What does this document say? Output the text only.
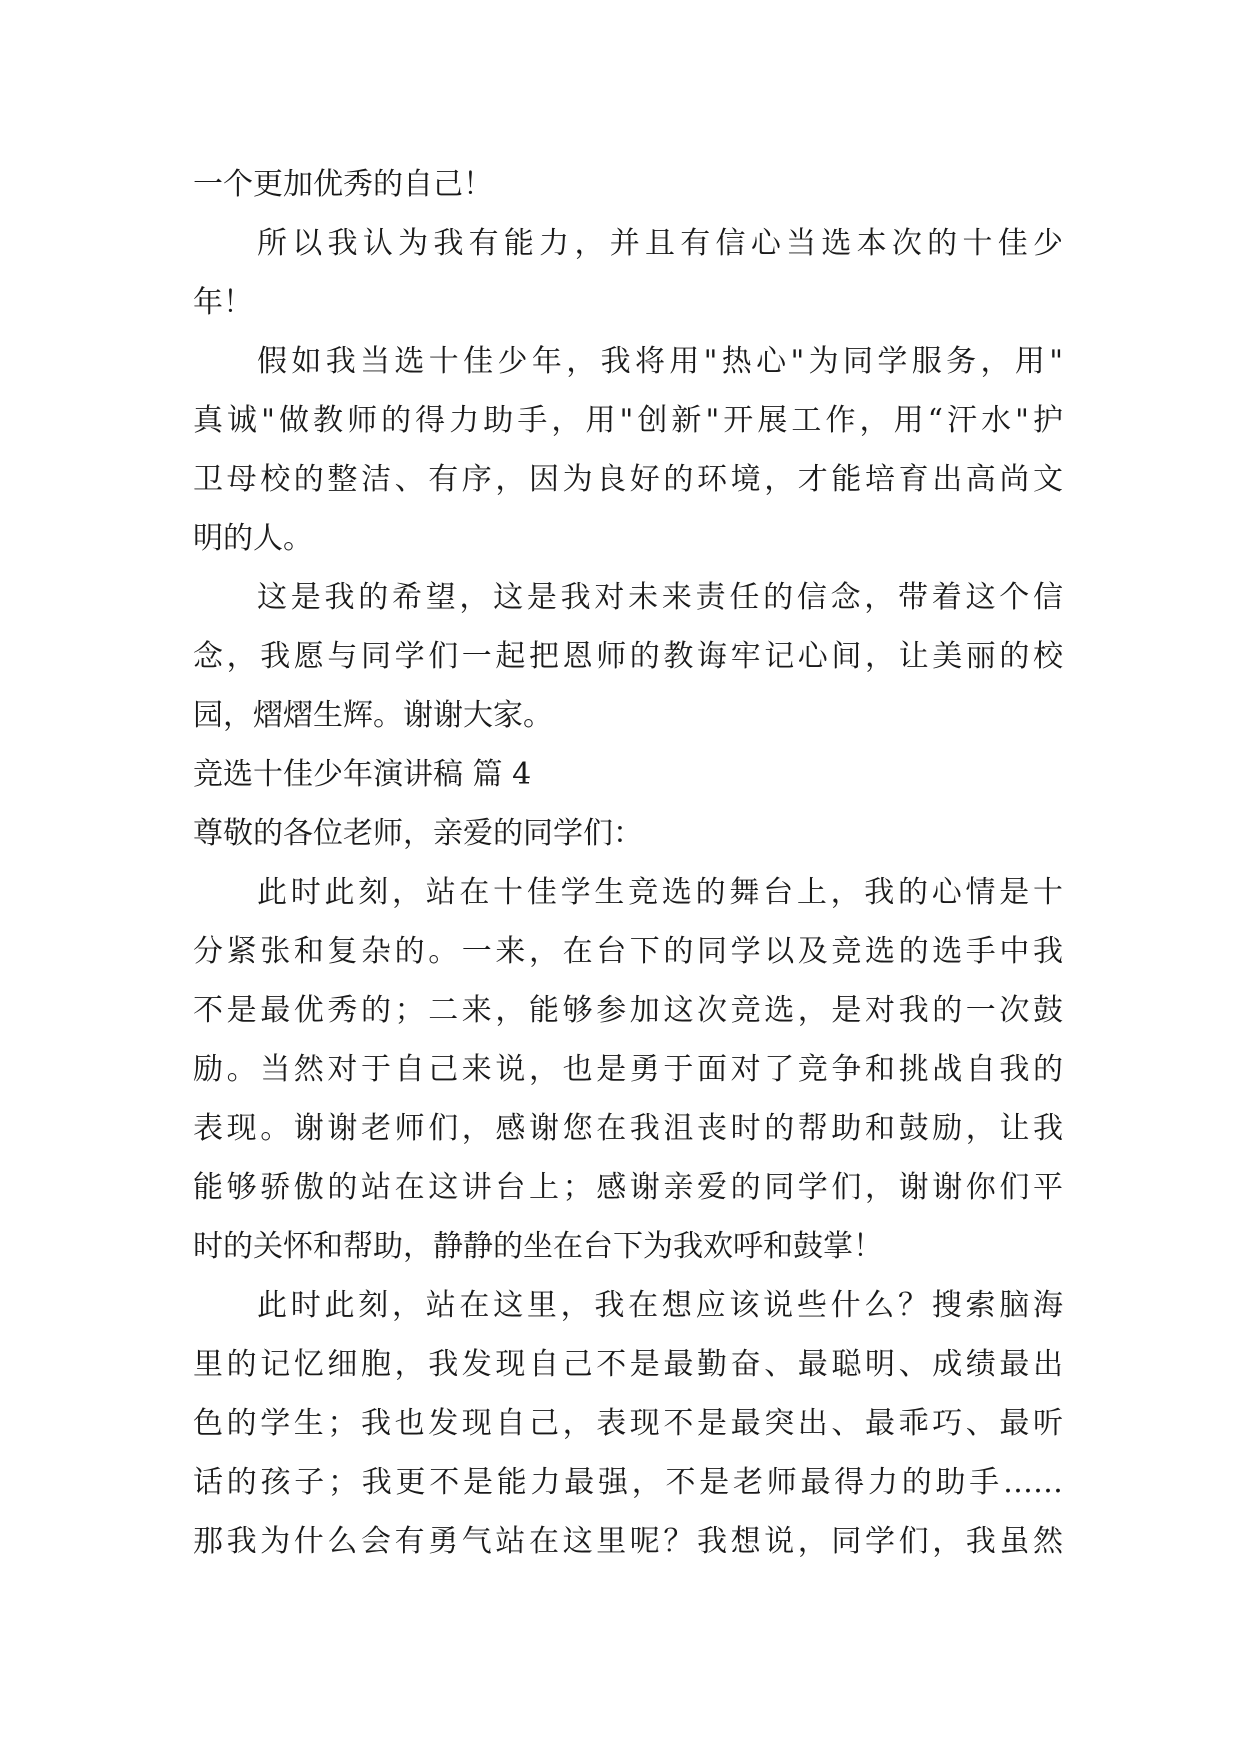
一个更加优秀的自己！
所以我认为我有能力，并且有信心当选本次的十佳少
年！
假如我当选十佳少年，我将用"热心"为同学服务，用"
真诚"做教师的得力助手，用"创新"开展工作，用“汗水"护
卫母校的整洁、有序，因为良好的环境，才能培育出高尚文
明的人。
这是我的希望，这是我对未来责任的信念，带着这个信
念，我愿与同学们一起把恩师的教诲牢记心间，让美丽的校
园，熠熠生辉。谢谢大家。
竞选十佳少年演讲稿 篇 4
尊敬的各位老师，亲爱的同学们：
此时此刻，站在十佳学生竞选的舞台上，我的心情是十
分紧张和复杂的。一来，在台下的同学以及竞选的选手中我
不是最优秀的；二来，能够参加这次竞选，是对我的一次鼓
励。当然对于自己来说，也是勇于面对了竞争和挑战自我的
表现。谢谢老师们，感谢您在我沮丧时的帮助和鼓励，让我
能够骄傲的站在这讲台上；感谢亲爱的同学们，谢谢你们平
时的关怀和帮助，静静的坐在台下为我欢呼和鼓掌！
此时此刻，站在这里，我在想应该说些什么？搜索脑海
里的记忆细胞，我发现自己不是最勤奋、最聪明、成绩最出
色的学生；我也发现自己，表现不是最突出、最乖巧、最听
话的孩子；我更不是能力最强，不是老师最得力的助手……
那我为什么会有勇气站在这里呢？我想说，同学们，我虽然
